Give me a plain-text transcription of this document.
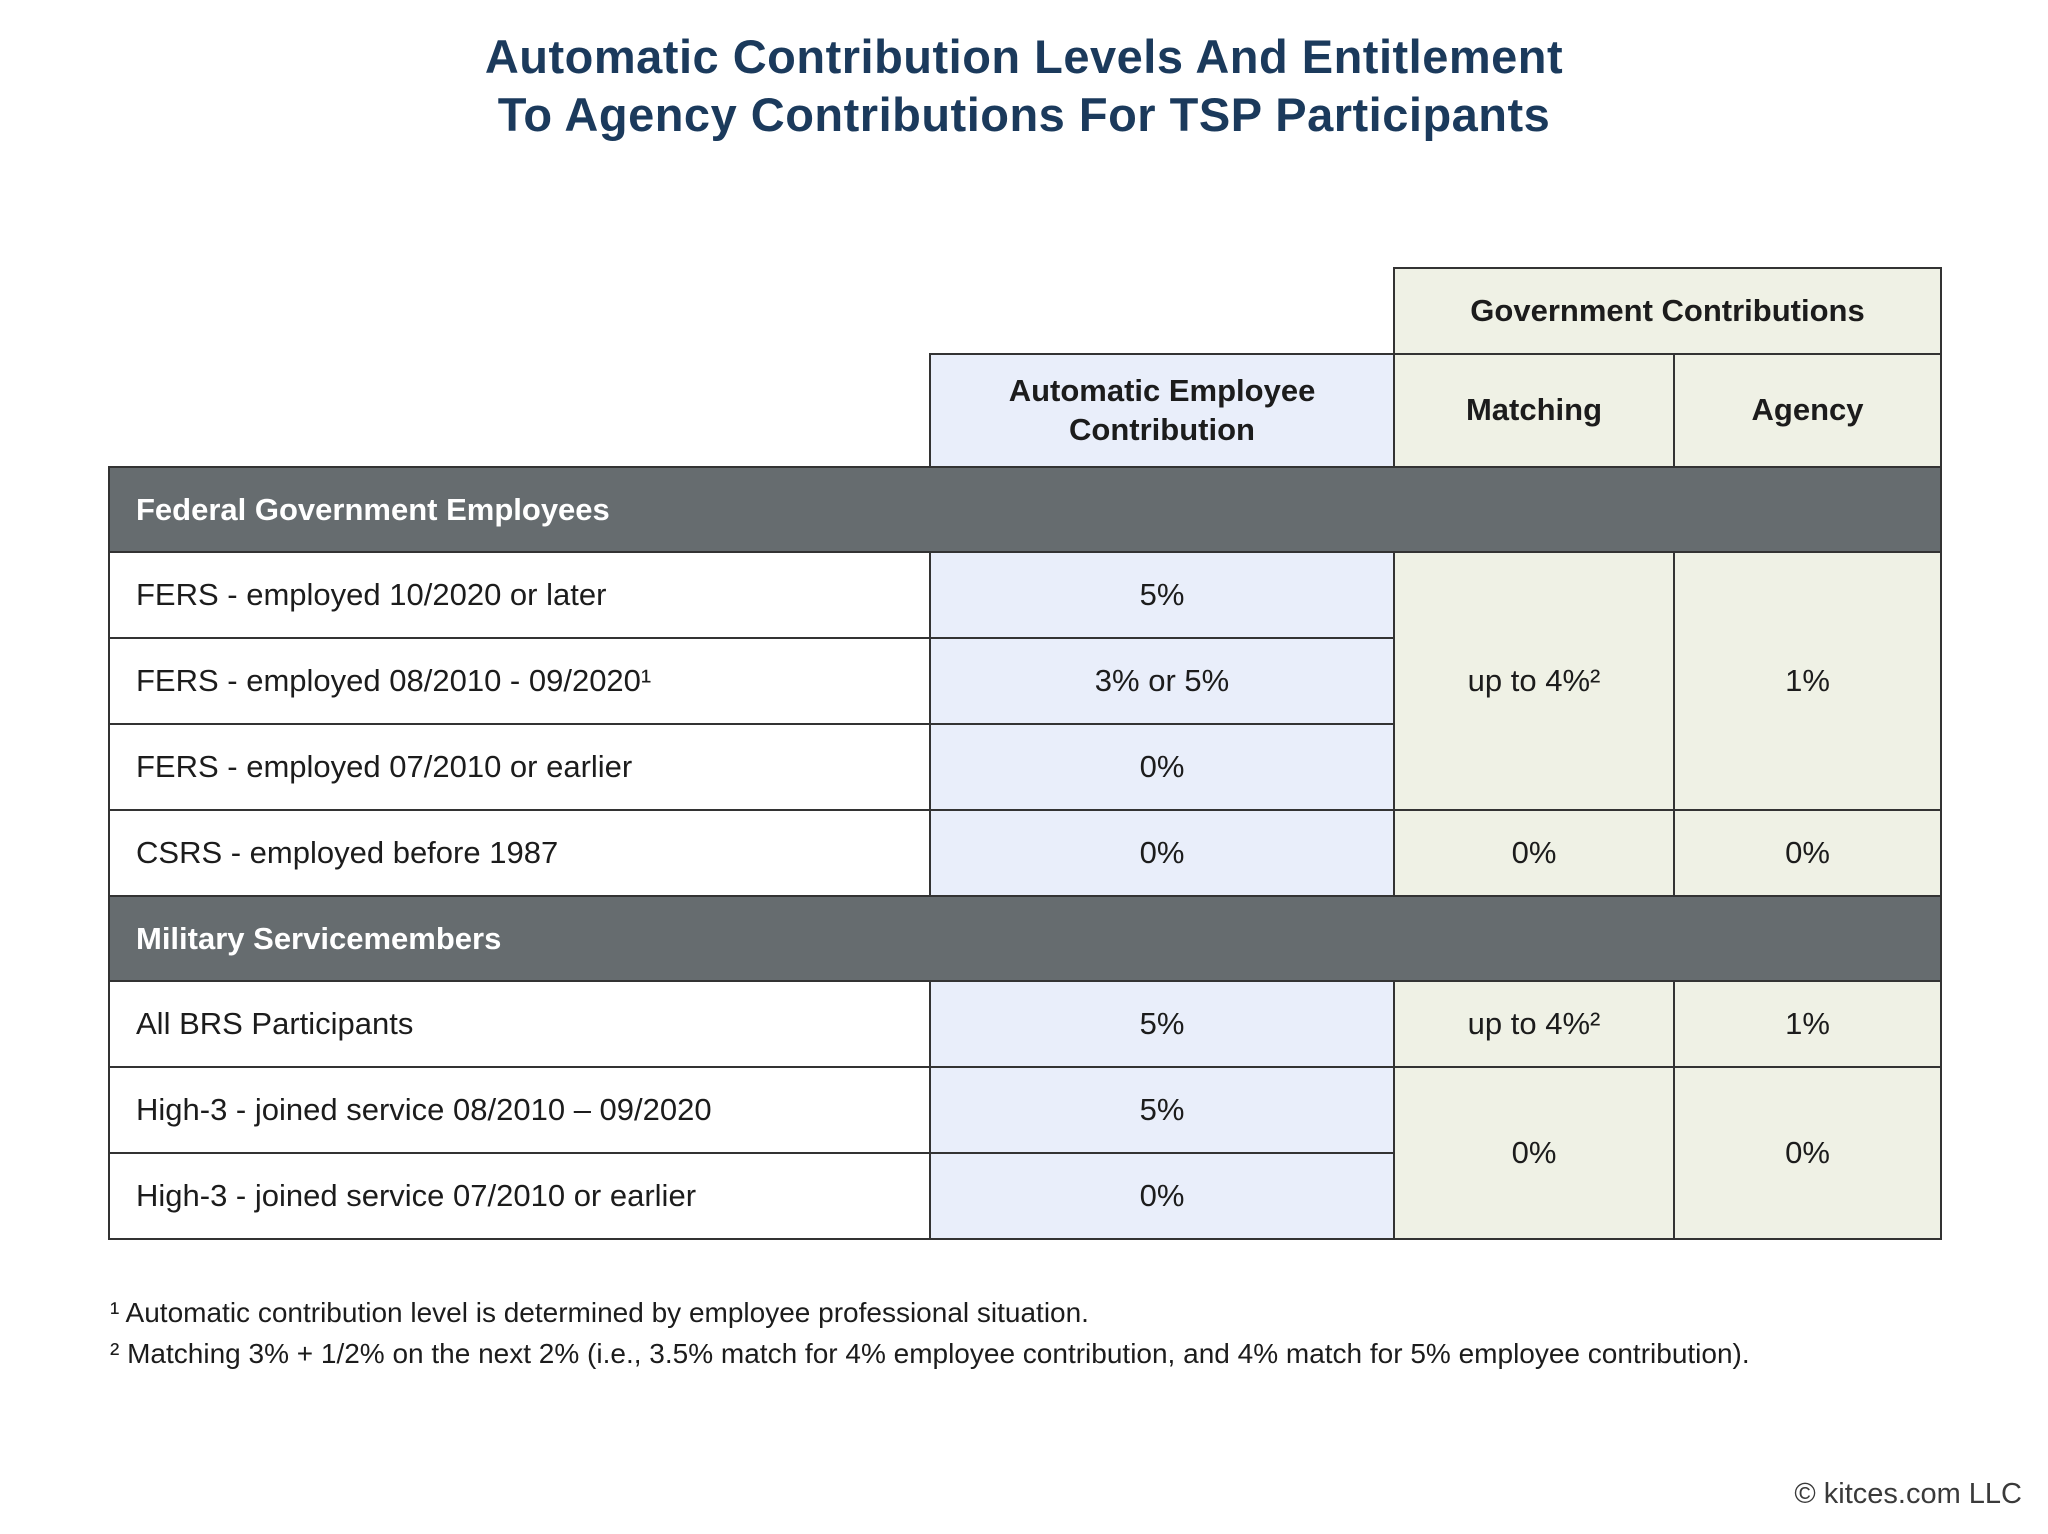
Automatic Contribution Levels And Entitlement
To Agency Contributions For TSP Participants
		Government Contributions	
	Automatic Employee Contribution	Matching	Agency
Federal Government Employees			
FERS - employed 10/2020 or later	5%	up to 4%²	1%
FERS - employed 08/2010 - 09/2020¹	3% or 5%		
FERS - employed 07/2010 or earlier	0%		
CSRS - employed before 1987	0%	0%	0%
Military Servicemembers			
All BRS Participants	5%	up to 4%²	1%
High-3 - joined service 08/2010 – 09/2020	5%	0%	0%
High-3 - joined service 07/2010 or earlier	0%		
¹ Automatic contribution level is determined by employee professional situation.
² Matching 3% + 1/2% on the next 2% (i.e., 3.5% match for 4% employee contribution, and 4% match for 5% employee contribution).
© kitces.com LLC
